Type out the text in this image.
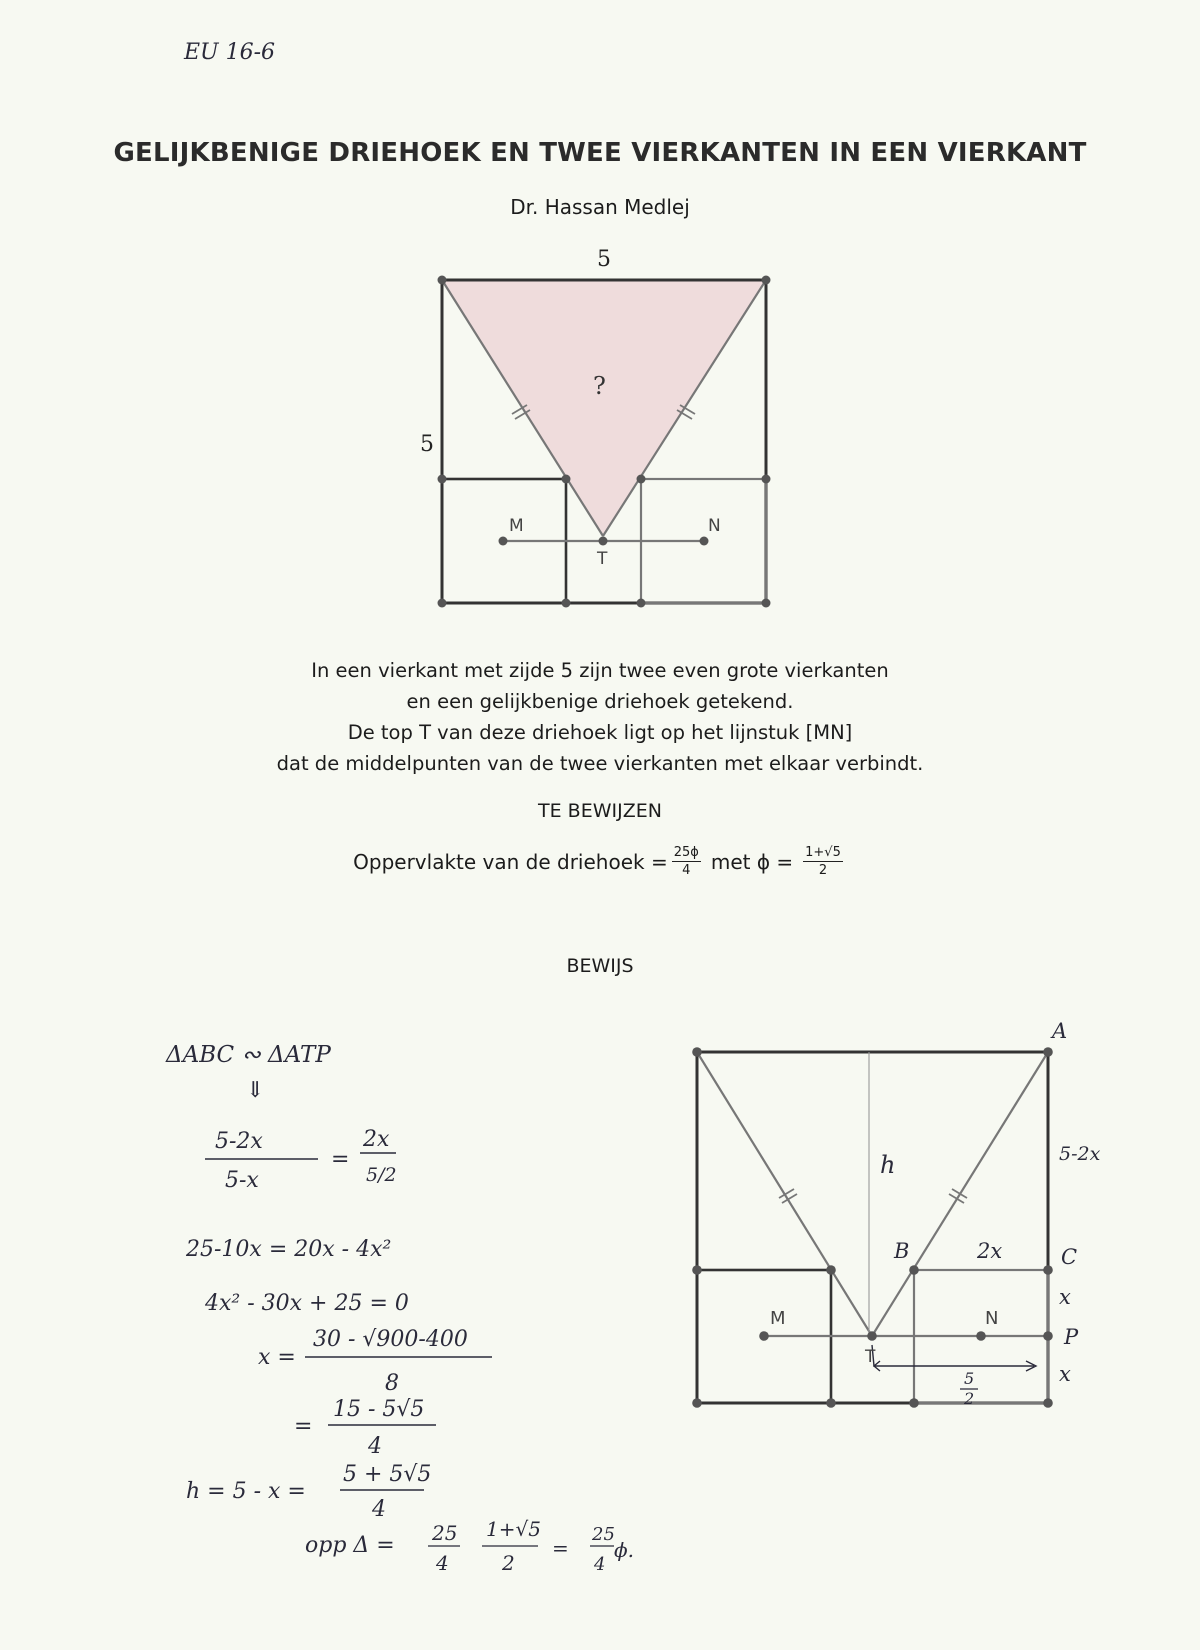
EU 16-6
GELIJKBENIGE DRIEHOEK EN TWEE VIERKANTEN IN EEN VIERKANT
Dr. Hassan Medlej
5
5
?
M	N
T
In een vierkant met zijde 5 zijn twee even grote vierkanten
en een gelijkbenige driehoek getekend.
De top T van deze driehoek ligt op het lijnstuk [MN]
dat de middelpunten van de twee vierkanten met elkaar verbindt.
TE BEWIJZEN
Oppervlakte van de driehoek = $\frac{25\phi}{4}$ met $\phi = \frac{1+√5}{2}$
BEWIJS
ΔABC ∾ ΔATP
⇓
5-2x
5-x
=
2x
5/2
25-10x = 20x - 4x²
4x² - 30x + 25 = 0
x =
30 - √900-400
8
=
15 - 5√5
4
h = 5 - x =
5 + 5√5
4
opp Δ = 25
4
1+√5
2
=
25
4
ϕ.
A
5-2x
C
x
P
x
B	2x
h
5
2
M	N
T
